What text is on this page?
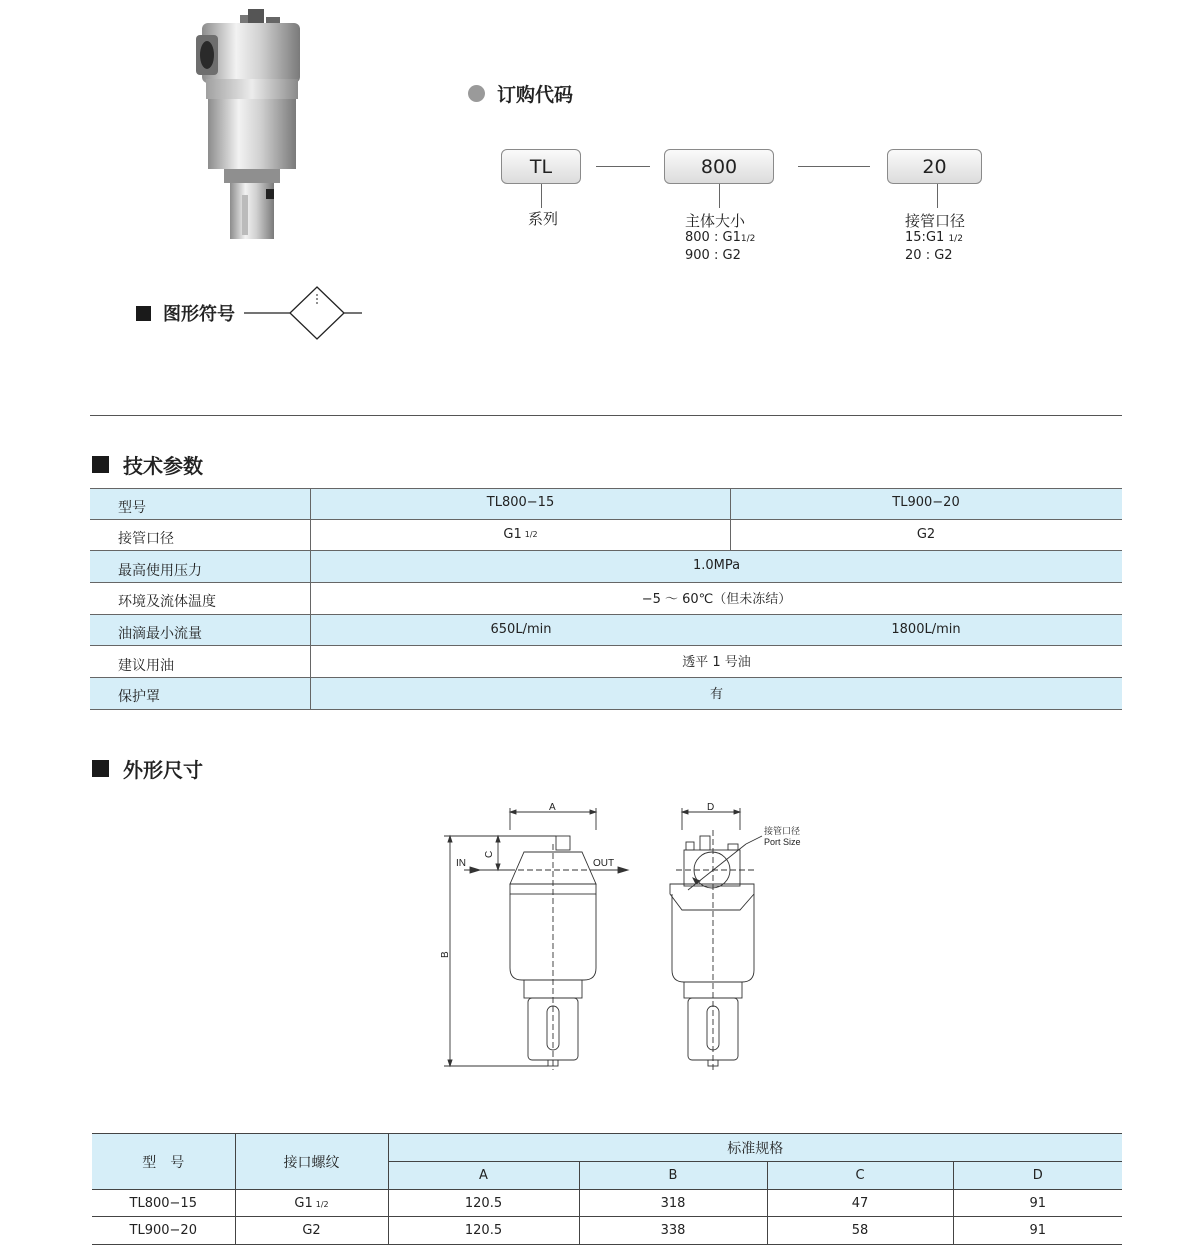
订购代码
TL	800	20
系列	主体大小
800 : G11/2
900 : G2
接管口径
15:G1 1/2
20 : G2
图形符号
技术参数
型号	TL800−15	TL900−20
接管口径	G1 1/2	G2
最高使用压力	1.0MPa
环境及流体温度	−5 ～ 60℃（但未冻结）
油滴最小流量	650L/min	1800L/min
建议用油	透平 1 号油
保护罩	有
外形尺寸
A	D
IN	OUT
C
B
接管口径
Port Size
型　号	接口螺纹	标准规格			
		A	B	C	D
TL800−15	G1 1/2	120.5	318	47	91
TL900−20	G2	120.5	338	58	91
